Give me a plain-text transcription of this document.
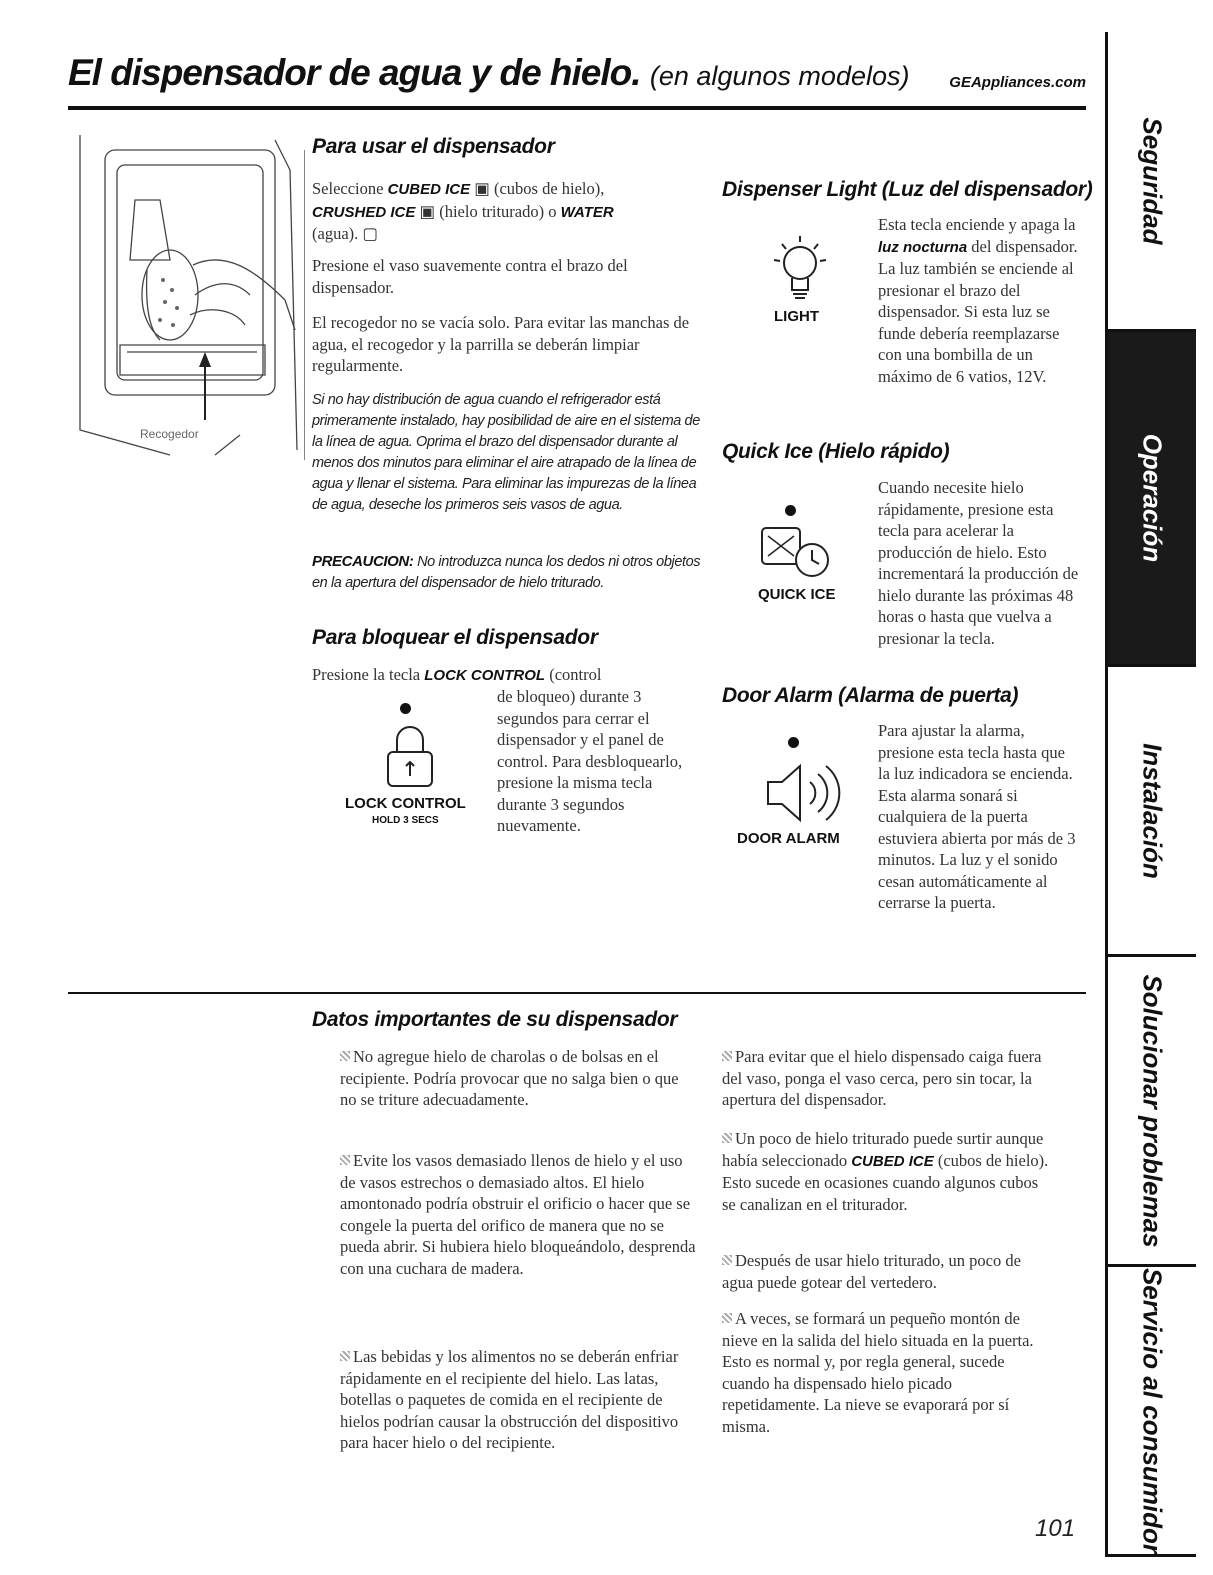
El dispensador de agua y de hielo. (en algunos modelos)	GEAppliances.com
Seguridad
Operación
Instalación
Solucionar problemas
Servicio al consumidor
Recogedor
Para usar el dispensador
Seleccione CUBED ICE ▣ (cubos de hielo),
CRUSHED ICE ▣ (hielo triturado) o WATER
(agua). ▢
Presione el vaso suavemente contra el brazo del dispensador.
El recogedor no se vacía solo. Para evitar las manchas de agua, el recogedor y la parrilla se deberán limpiar regularmente.
Si no hay distribución de agua cuando el refrigerador está primeramente instalado, hay posibilidad de aire en el sistema de la línea de agua. Oprima el brazo del dispensador durante al menos dos minutos para eliminar el aire atrapado de la línea de agua y llenar el sistema. Para eliminar las impurezas de la línea de agua, deseche los primeros seis vasos de agua.
PRECAUCION: No introduzca nunca los dedos ni otros objetos en la apertura del dispensador de hielo triturado.
Para bloquear el dispensador
Presione la tecla LOCK CONTROL (control
LOCK CONTROL
HOLD 3 SECS
de bloqueo) durante 3 segundos para cerrar el dispensador y el panel de control. Para desbloquearlo, presione la misma tecla durante 3 segundos nuevamente.
Dispenser Light (Luz del dispensador)
LIGHT
Esta tecla enciende y apaga la luz nocturna del dispensador. La luz también se enciende al presionar el brazo del dispensador. Si esta luz se funde debería reemplazarse con una bombilla de un máximo de 6 vatios, 12V.
Quick Ice (Hielo rápido)
QUICK ICE
Cuando necesite hielo rápidamente, presione esta tecla para acelerar la producción de hielo. Esto incrementará la producción de hielo durante las próximas 48 horas o hasta que vuelva a presionar la tecla.
Door Alarm (Alarma de puerta)
DOOR ALARM
Para ajustar la alarma, presione esta tecla hasta que la luz indicadora se encienda. Esta alarma sonará si cualquiera de la puerta estuviera abierta por más de 3 minutos. La luz y el sonido cesan automáticamente al cerrarse la puerta.
Datos importantes de su dispensador
No agregue hielo de charolas o de bolsas en el recipiente. Podría provocar que no salga bien o que no se triture adecuadamente.
Evite los vasos demasiado llenos de hielo y el uso de vasos estrechos o demasiado altos. El hielo amontonado podría obstruir el orificio o hacer que se congele la puerta del orifico de manera que no se pueda abrir. Si hubiera hielo bloqueándolo, desprenda con una cuchara de madera.
Las bebidas y los alimentos no se deberán enfriar rápidamente en el recipiente del hielo. Las latas, botellas o paquetes de comida en el recipiente de hielos podrían causar la obstrucción del dispositivo para hacer hielo o del recipiente.
Para evitar que el hielo dispensado caiga fuera del vaso, ponga el vaso cerca, pero sin tocar, la apertura del dispensador.
Un poco de hielo triturado puede surtir aunque había seleccionado CUBED ICE (cubos de hielo). Esto sucede en ocasiones cuando algunos cubos se canalizan en el triturador.
Después de usar hielo triturado, un poco de agua puede gotear del vertedero.
A veces, se formará un pequeño montón de nieve en la salida del hielo situada en la puerta. Esto es normal y, por regla general, sucede cuando ha dispensado hielo picado repetidamente. La nieve se evaporará por sí misma.
101
